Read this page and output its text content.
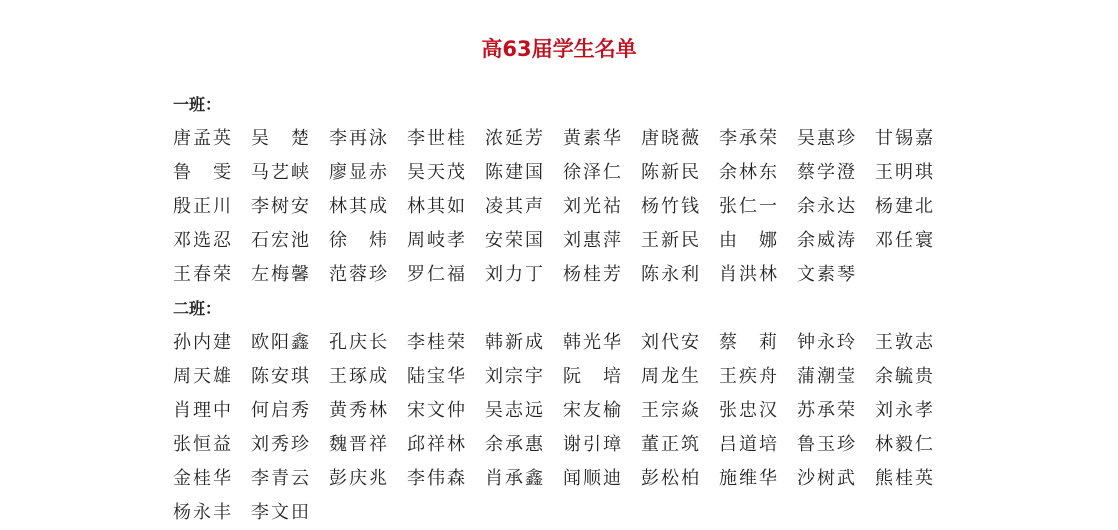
高63届学生名单
一班：
唐孟英 吴楚 李再泳 李世桂 浓延芳 黄素华 唐晓薇 李承荣 吴惠珍 甘锡嘉
鲁雯 马艺峡 廖显赤 吴天茂 陈建国 徐泽仁 陈新民 余林东 蔡学澄 王明琪
殷正川 李树安 林其成 林其如 凌其声 刘光祜 杨竹钱 张仁一 余永达 杨建北
邓选忍 石宏池 徐炜 周岐孝 安荣国 刘惠萍 王新民 由娜 余威涛 邓任寰
王春荣 左梅馨 范蓉珍 罗仁福 刘力丁 杨桂芳 陈永利 肖洪林 文素琴
二班：
孙内建 欧阳鑫 孔庆长 李桂荣 韩新成 韩光华 刘代安 蔡莉 钟永玲 王敦志
周天雄 陈安琪 王琢成 陆宝华 刘宗宇 阮培 周龙生 王疾舟 蒲潮莹 余毓贵
肖理中 何启秀 黄秀林 宋文仲 吴志远 宋友榆 王宗焱 张忠汉 苏承荣 刘永孝
张恒益 刘秀珍 魏晋祥 邱祥林 余承惠 谢引璋 董正筑 吕道培 鲁玉珍 林毅仁
金桂华 李青云 彭庆兆 李伟森 肖承鑫 闻顺迪 彭松柏 施维华 沙树武 熊桂英
杨永丰 李文田
